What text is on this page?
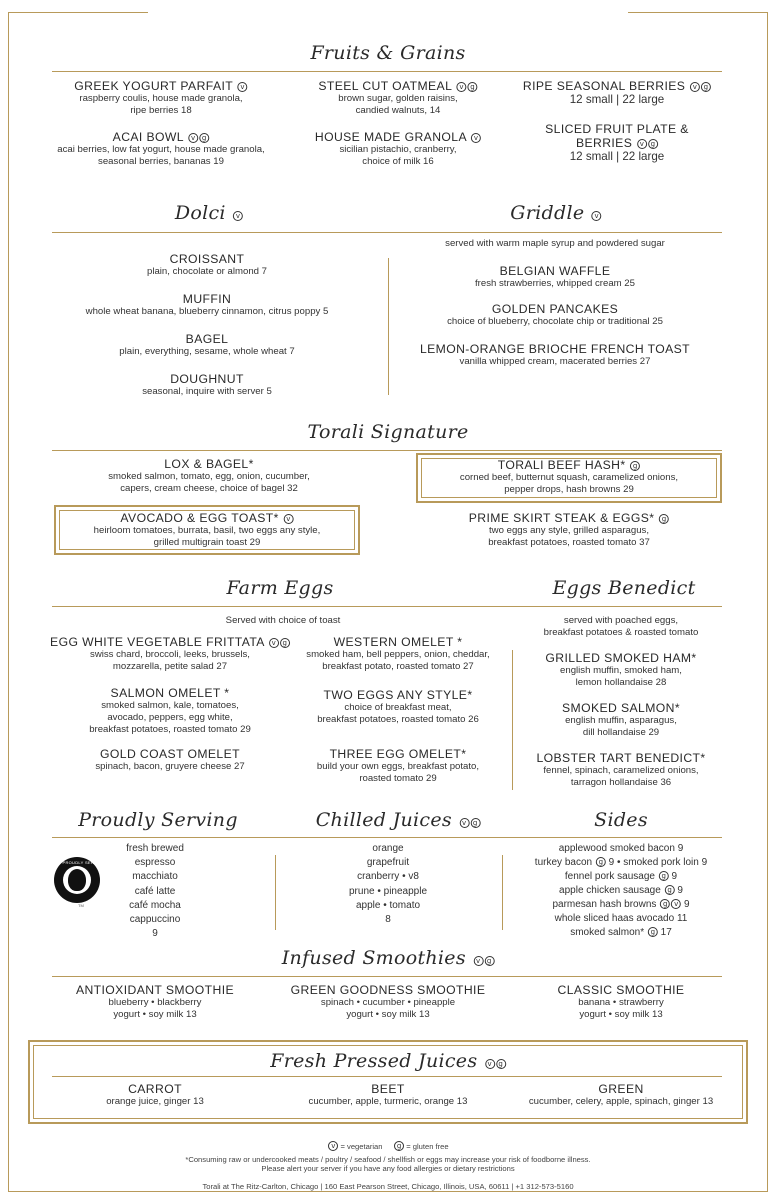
Fruits & Grains
GREEK YOGURT PARFAIT v
raspberry coulis, house made granola,
ripe berries 18
ACAI BOWL v g
acai berries, low fat yogurt, house made granola,
seasonal berries, bananas 19
STEEL CUT OATMEAL v g
brown sugar, golden raisins,
candied walnuts, 14
HOUSE MADE GRANOLA v
sicilian pistachio, cranberry,
choice of milk 16
RIPE SEASONAL BERRIES v g
12 small | 22 large
SLICED FRUIT PLATE &
BERRIES v g
12 small | 22 large
Dolci v	Griddle v
served with warm maple syrup and powdered sugar
CROISSANT
plain, chocolate or almond 7
MUFFIN
whole wheat banana, blueberry cinnamon, citrus poppy 5
BAGEL
plain, everything, sesame, whole wheat 7
DOUGHNUT
seasonal, inquire with server 5
BELGIAN WAFFLE
fresh strawberries, whipped cream 25
GOLDEN PANCAKES
choice of blueberry, chocolate chip or traditional 25
LEMON-ORANGE BRIOCHE FRENCH TOAST
vanilla whipped cream, macerated berries 27
Torali Signature
LOX & BAGEL*
smoked salmon, tomato, egg, onion, cucumber,
capers, cream cheese, choice of bagel 32
TORALI BEEF HASH* g
corned beef, butternut squash, caramelized onions,
pepper drops, hash browns 29
AVOCADO & EGG TOAST* v
heirloom tomatoes, burrata, basil, two eggs any style,
grilled multigrain toast 29
PRIME SKIRT STEAK & EGGS* g
two eggs any style, grilled asparagus,
breakfast potatoes, roasted tomato 37
Farm Eggs	Eggs Benedict
Served with choice of toast	served with poached eggs,
breakfast potatoes & roasted tomato
EGG WHITE VEGETABLE FRITTATA v g
swiss chard, broccoli, leeks, brussels,
mozzarella, petite salad 27
SALMON OMELET *
smoked salmon, kale, tomatoes,
avocado, peppers, egg white,
breakfast potatoes, roasted tomato 29
GOLD COAST OMELET
spinach, bacon, gruyere cheese 27
WESTERN OMELET *
smoked ham, bell peppers, onion, cheddar,
breakfast potato, roasted tomato 27
TWO EGGS ANY STYLE*
choice of breakfast meat,
breakfast potatoes, roasted tomato 26
THREE EGG OMELET*
build your own eggs, breakfast potato,
roasted tomato 29
GRILLED SMOKED HAM*
english muffin, smoked ham,
lemon hollandaise 28
SMOKED SALMON*
english muffin, asparagus,
dill hollandaise 29
LOBSTER TART BENEDICT*
fennel, spinach, caramelized onions,
tarragon hollandaise 36
Proudly Serving	Chilled Juices v g	Sides
WE PROUDLY SERVE
TM
fresh brewed
espresso
macchiato
café latte
café mocha
cappuccino
9
orange
grapefruit
cranberry • v8
prune • pineapple
apple • tomato
8
applewood smoked bacon 9
turkey bacon g 9 • smoked pork loin 9
fennel pork sausage g 9
apple chicken sausage g 9
parmesan hash browns g v 9
whole sliced haas avocado 11
smoked salmon* g 17
Infused Smoothies v g
ANTIOXIDANT SMOOTHIE
blueberry • blackberry
yogurt • soy milk 13
GREEN GOODNESS SMOOTHIE
spinach • cucumber • pineapple
yogurt • soy milk 13
CLASSIC SMOOTHIE
banana • strawberry
yogurt • soy milk 13
Fresh Pressed Juices v g
CARROT
orange juice, ginger 13
BEET
cucumber, apple, turmeric, orange 13
GREEN
cucumber, celery, apple, spinach, ginger 13
v = vegetarian g = gluten free
*Consuming raw or undercooked meats / poultry / seafood / shellfish or eggs may increase your risk of foodborne illness.
Please alert your server if you have any food allergies or dietary restrictions
Torali at The Ritz-Carlton, Chicago | 160 East Pearson Street, Chicago, Illinois, USA, 60611 | +1 312-573-5160
